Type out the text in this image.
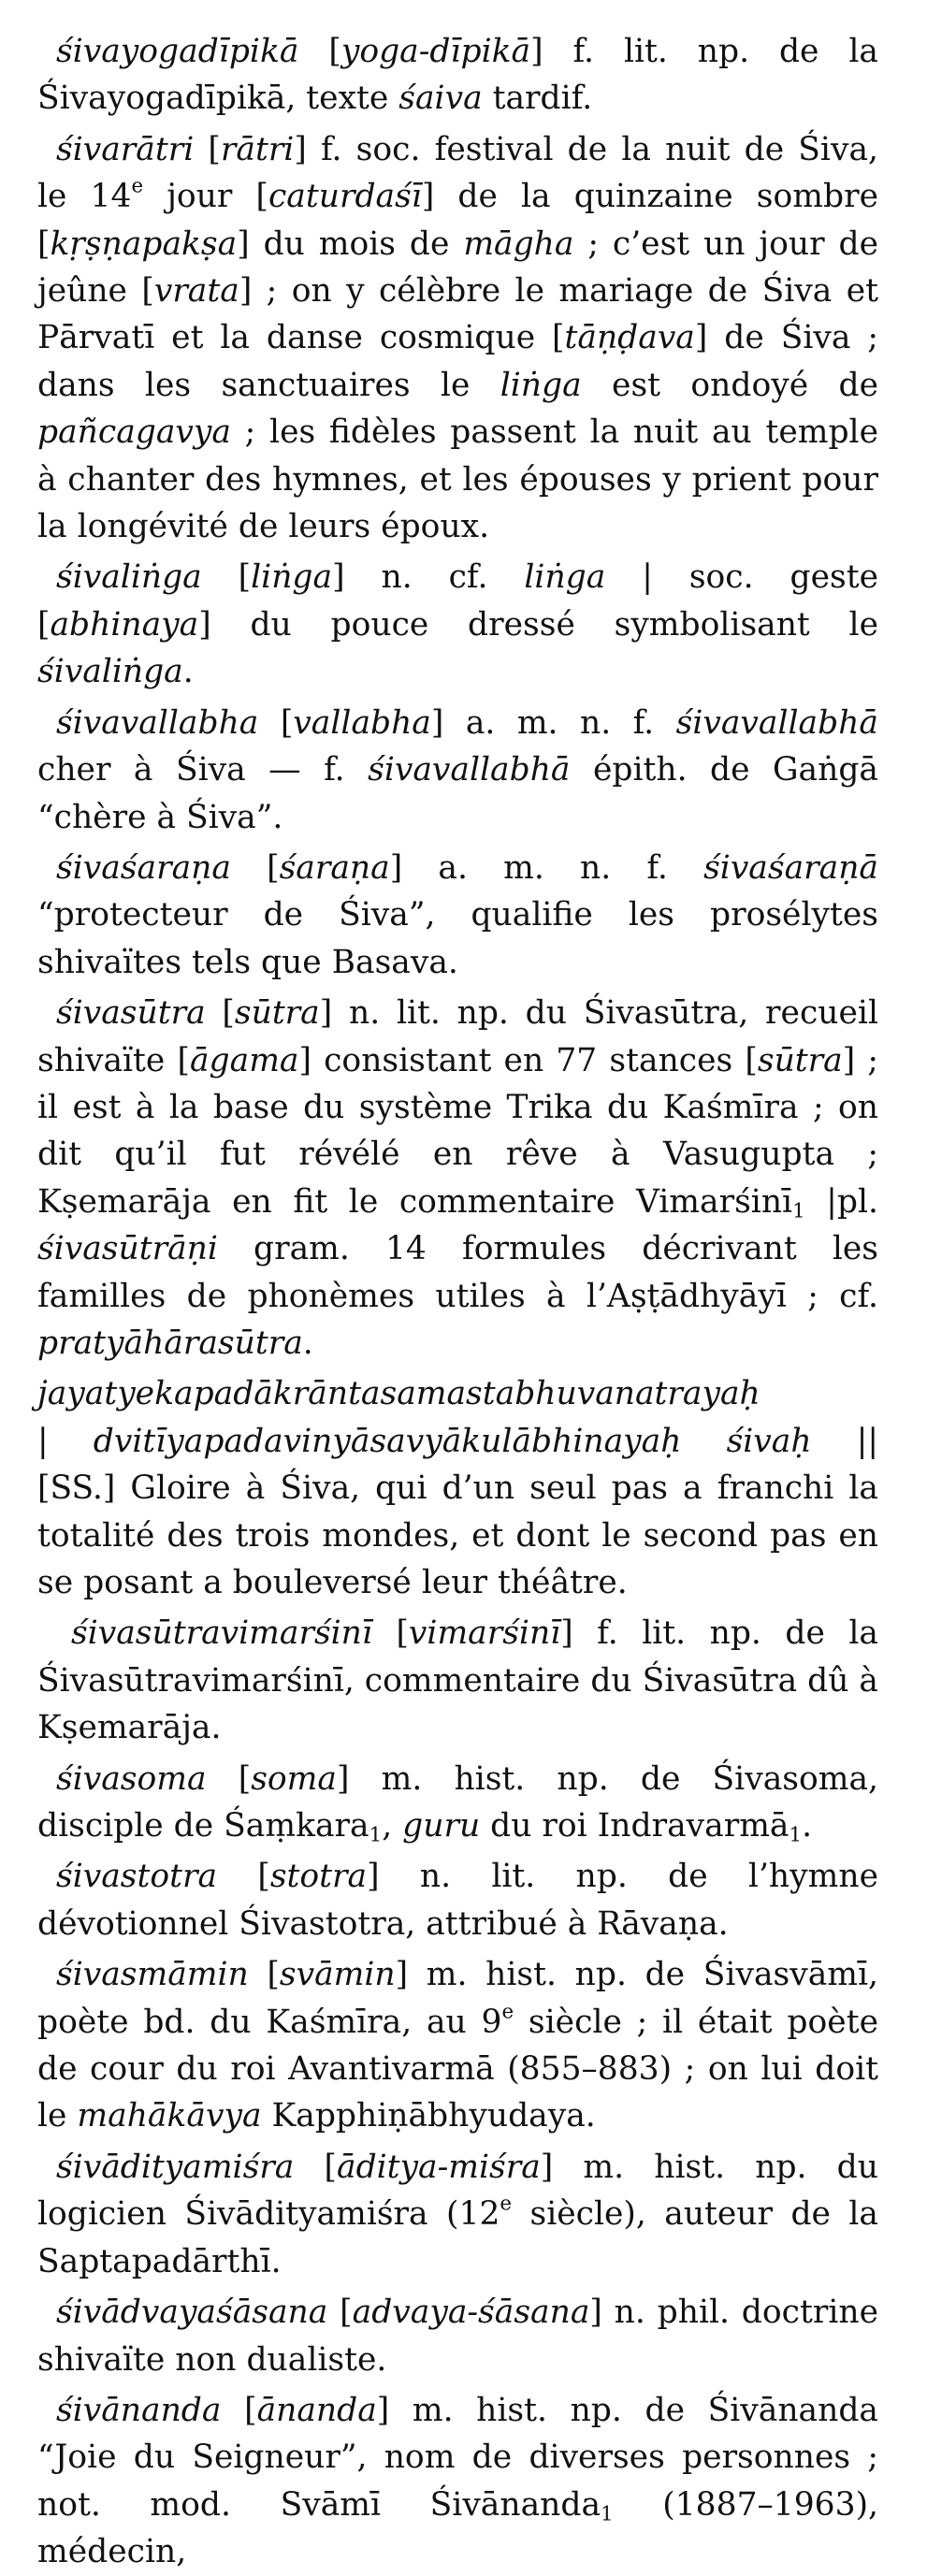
śivayogadīpikā [yoga-dīpikā] f. lit. np. de la Śivayogadīpikā, texte śaiva tardif.

śivarātri [rātri] f. soc. festival de la nuit de Śiva, le 14e jour [caturdaśī] de la quinzaine sombre [kṛṣṇapakṣa] du mois de māgha ; c’est un jour de jeûne [vrata] ; on y célèbre le mariage de Śiva et Pārvatī et la danse cosmique [tāṇḍava] de Śiva ; dans les sanctuaires le liṅga est ondoyé de pañcagavya ; les fidèles passent la nuit au temple à chanter des hymnes, et les épouses y prient pour la longévité de leurs époux.

śivaliṅga [liṅga] n. cf. liṅga | soc. geste [abhinaya] du pouce dressé symbolisant le śivaliṅga.

śivavallabha [vallabha] a. m. n. f. śivavallabhā cher à Śiva — f. śivavallabhā épith. de Gaṅgā “chère à Śiva”.

śivaśaraṇa [śaraṇa] a. m. n. f. śivaśaraṇā “protecteur de Śiva”, qualifie les prosélytes shivaïtes tels que Basava.

śivasūtra [sūtra] n. lit. np. du Śivasūtra, recueil shivaïte [āgama] consistant en 77 stances [sūtra] ; il est à la base du système Trika du Kaśmīra ; on dit qu’il fut révélé en rêve à Vasugupta ; Kṣemarāja en fit le commentaire Vimarśinī$_1$ |pl. śivasūtrāṇi gram. 14 formules décrivant les familles de phonèmes utiles à l’Aṣṭādhyāyī ; cf. pratyāhārasūtra.

jayatyekapadākrāntasamastabhuvanatrayaḥ
| dvitīyapadavinyāsavyākulābhinayaḥ śivaḥ ||
[SS.] Gloire à Śiva, qui d’un seul pas a franchi la totalité des trois mondes, et dont le second pas en se posant a bouleversé leur théâtre.

śivasūtravimarśinī [vimarśinī] f. lit. np. de la Śivasūtravimarśinī, commentaire du Śivasūtra dû à Kṣemarāja.

śivasoma [soma] m. hist. np. de Śivasoma, disciple de Śaṃkara$_1$, guru du roi Indravarmā$_1$.

śivastotra [stotra] n. lit. np. de l’hymne dévotionnel Śivastotra, attribué à Rāvaṇa.

śivasmāmin [svāmin] m. hist. np. de Śivasvāmī, poète bd. du Kaśmīra, au 9e siècle ; il était poète de cour du roi Avantivarmā (855–883) ; on lui doit le mahākāvya Kapphiṇābhyudaya.

śivādityamiśra [āditya-miśra] m. hist. np. du logicien Śivādityamiśra (12e siècle), auteur de la Saptapadārthī.

śivādvayaśāsana [advaya-śāsana] n. phil. doctrine shivaïte non dualiste.

śivānanda [ānanda] m. hist. np. de Śivānanda “Joie du Seigneur”, nom de diverses personnes ; not. mod. Svāmī Śivānanda$_1$ (1887–1963), médecin,
